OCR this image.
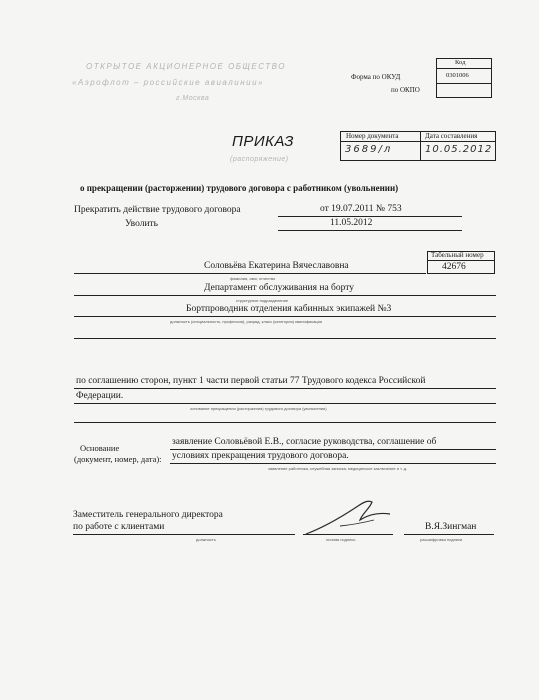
ОТКРЫТОЕ АКЦИОНЕРНОЕ ОБЩЕСТВО
«Аэрофлот – российские авиалинии»
г.Москва
Код
Форма по ОКУД	0301006
по ОКПО
ПРИКАЗ
(распоряжение)
Номер документа	Дата составления
3689/л	10.05.2012
о прекращении (расторжении) трудового договора с работником (увольнении)
Прекратить действие трудового договора	от 19.07.2011 № 753
Уволить	11.05.2012
Табельный номер
42676
Соловьёва Екатерина Вячеславовна
фамилия, имя, отчество
Департамент обслуживания на борту
структурное подразделение
Бортпроводник отделения кабинных экипажей №3
должность (специальность, профессия), разряд, класс (категория) квалификации
по соглашению сторон, пункт 1 части первой статьи 77 Трудового кодекса Российской
Федерации.
основание прекращения (расторжения) трудового договора (увольнения)
Основание
(документ, номер, дата):
заявление Соловьёвой Е.В., согласие руководства, соглашение об
условиях прекращения трудового договора.
заявление работника, служебная записка, медицинское заключение и т. д.
Заместитель генерального директора
по работе с клиентами
должность	личная подпись
В.Я.Зингман
расшифровка подписи
